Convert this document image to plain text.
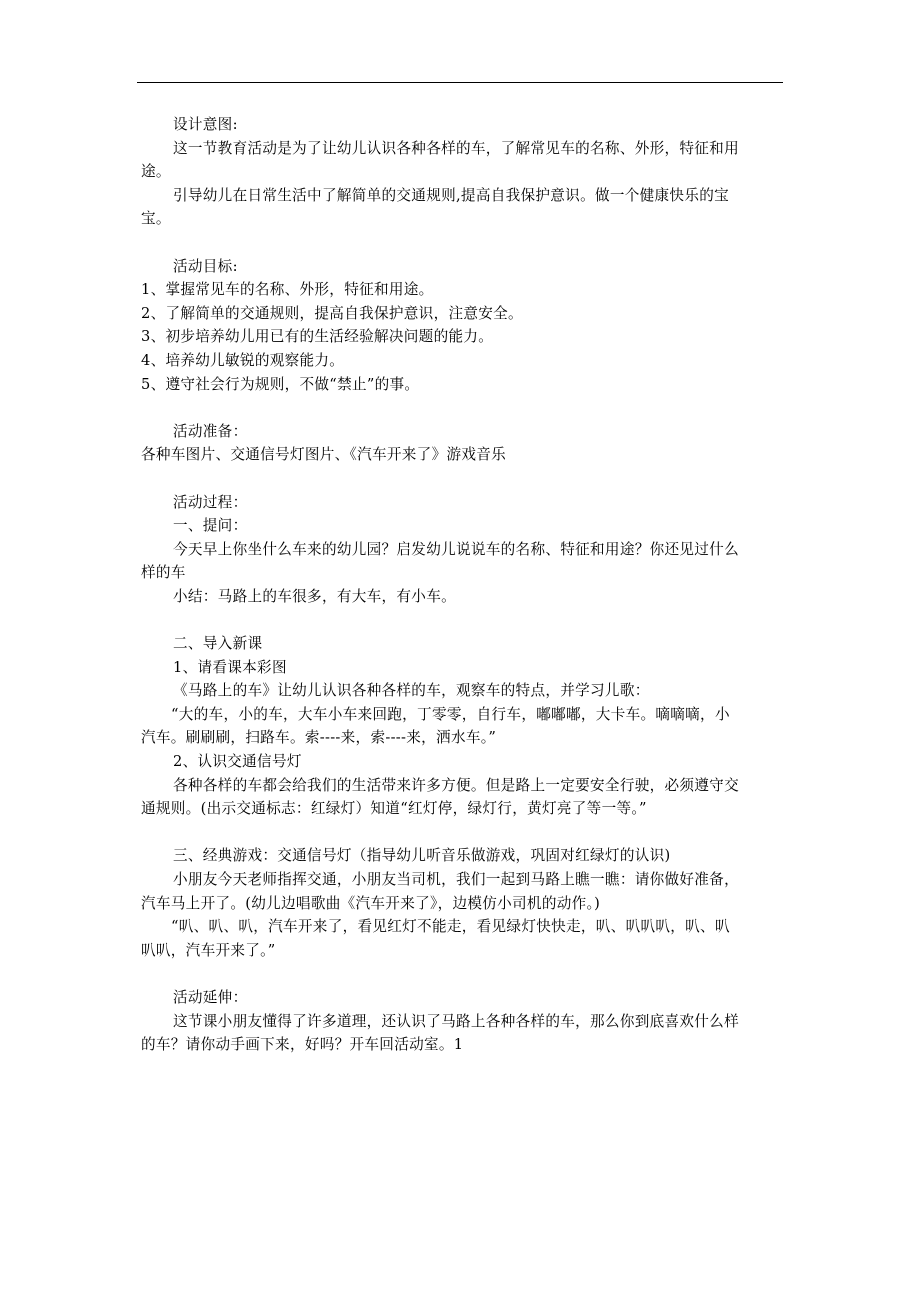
设计意图:
这一节教育活动是为了让幼儿认识各种各样的车，了解常见车的名称、外形，特征和用
途。
引导幼儿在日常生活中了解简单的交通规则,提高自我保护意识。做一个健康快乐的宝
宝。
活动目标:
1、掌握常见车的名称、外形，特征和用途。
2、了解简单的交通规则，提高自我保护意识，注意安全。
3、初步培养幼儿用已有的生活经验解决问题的能力。
4、培养幼儿敏锐的观察能力。
5、遵守社会行为规则，不做“禁止”的事。
活动准备：
各种车图片、交通信号灯图片、《汽车开来了》游戏音乐
活动过程：
一、提问：
今天早上你坐什么车来的幼儿园？启发幼儿说说车的名称、特征和用途？你还见过什么
样的车
小结：马路上的车很多，有大车，有小车。
二、导入新课
1、请看课本彩图
《马路上的车》让幼儿认识各种各样的车，观察车的特点，并学习儿歌：
“大的车，小的车，大车小车来回跑，丁零零，自行车，嘟嘟嘟，大卡车。嘀嘀嘀，小
汽车。刷刷刷，扫路车。索----来，索----来，洒水车。”
2、认识交通信号灯
各种各样的车都会给我们的生活带来许多方便。但是路上一定要安全行驶，必须遵守交
通规则。(出示交通标志：红绿灯）知道“红灯停，绿灯行，黄灯亮了等一等。”
三、经典游戏：交通信号灯（指导幼儿听音乐做游戏，巩固对红绿灯的认识)
小朋友今天老师指挥交通，小朋友当司机，我们一起到马路上瞧一瞧：请你做好准备，
汽车马上开了。(幼儿边唱歌曲《汽车开来了》，边模仿小司机的动作。)
“叭、叭、叭，汽车开来了，看见红灯不能走，看见绿灯快快走，叭、叭叭叭，叭、叭
叭叭，汽车开来了。”
活动延伸：
这节课小朋友懂得了许多道理，还认识了马路上各种各样的车，那么你到底喜欢什么样
的车？请你动手画下来，好吗？开车回活动室。1
